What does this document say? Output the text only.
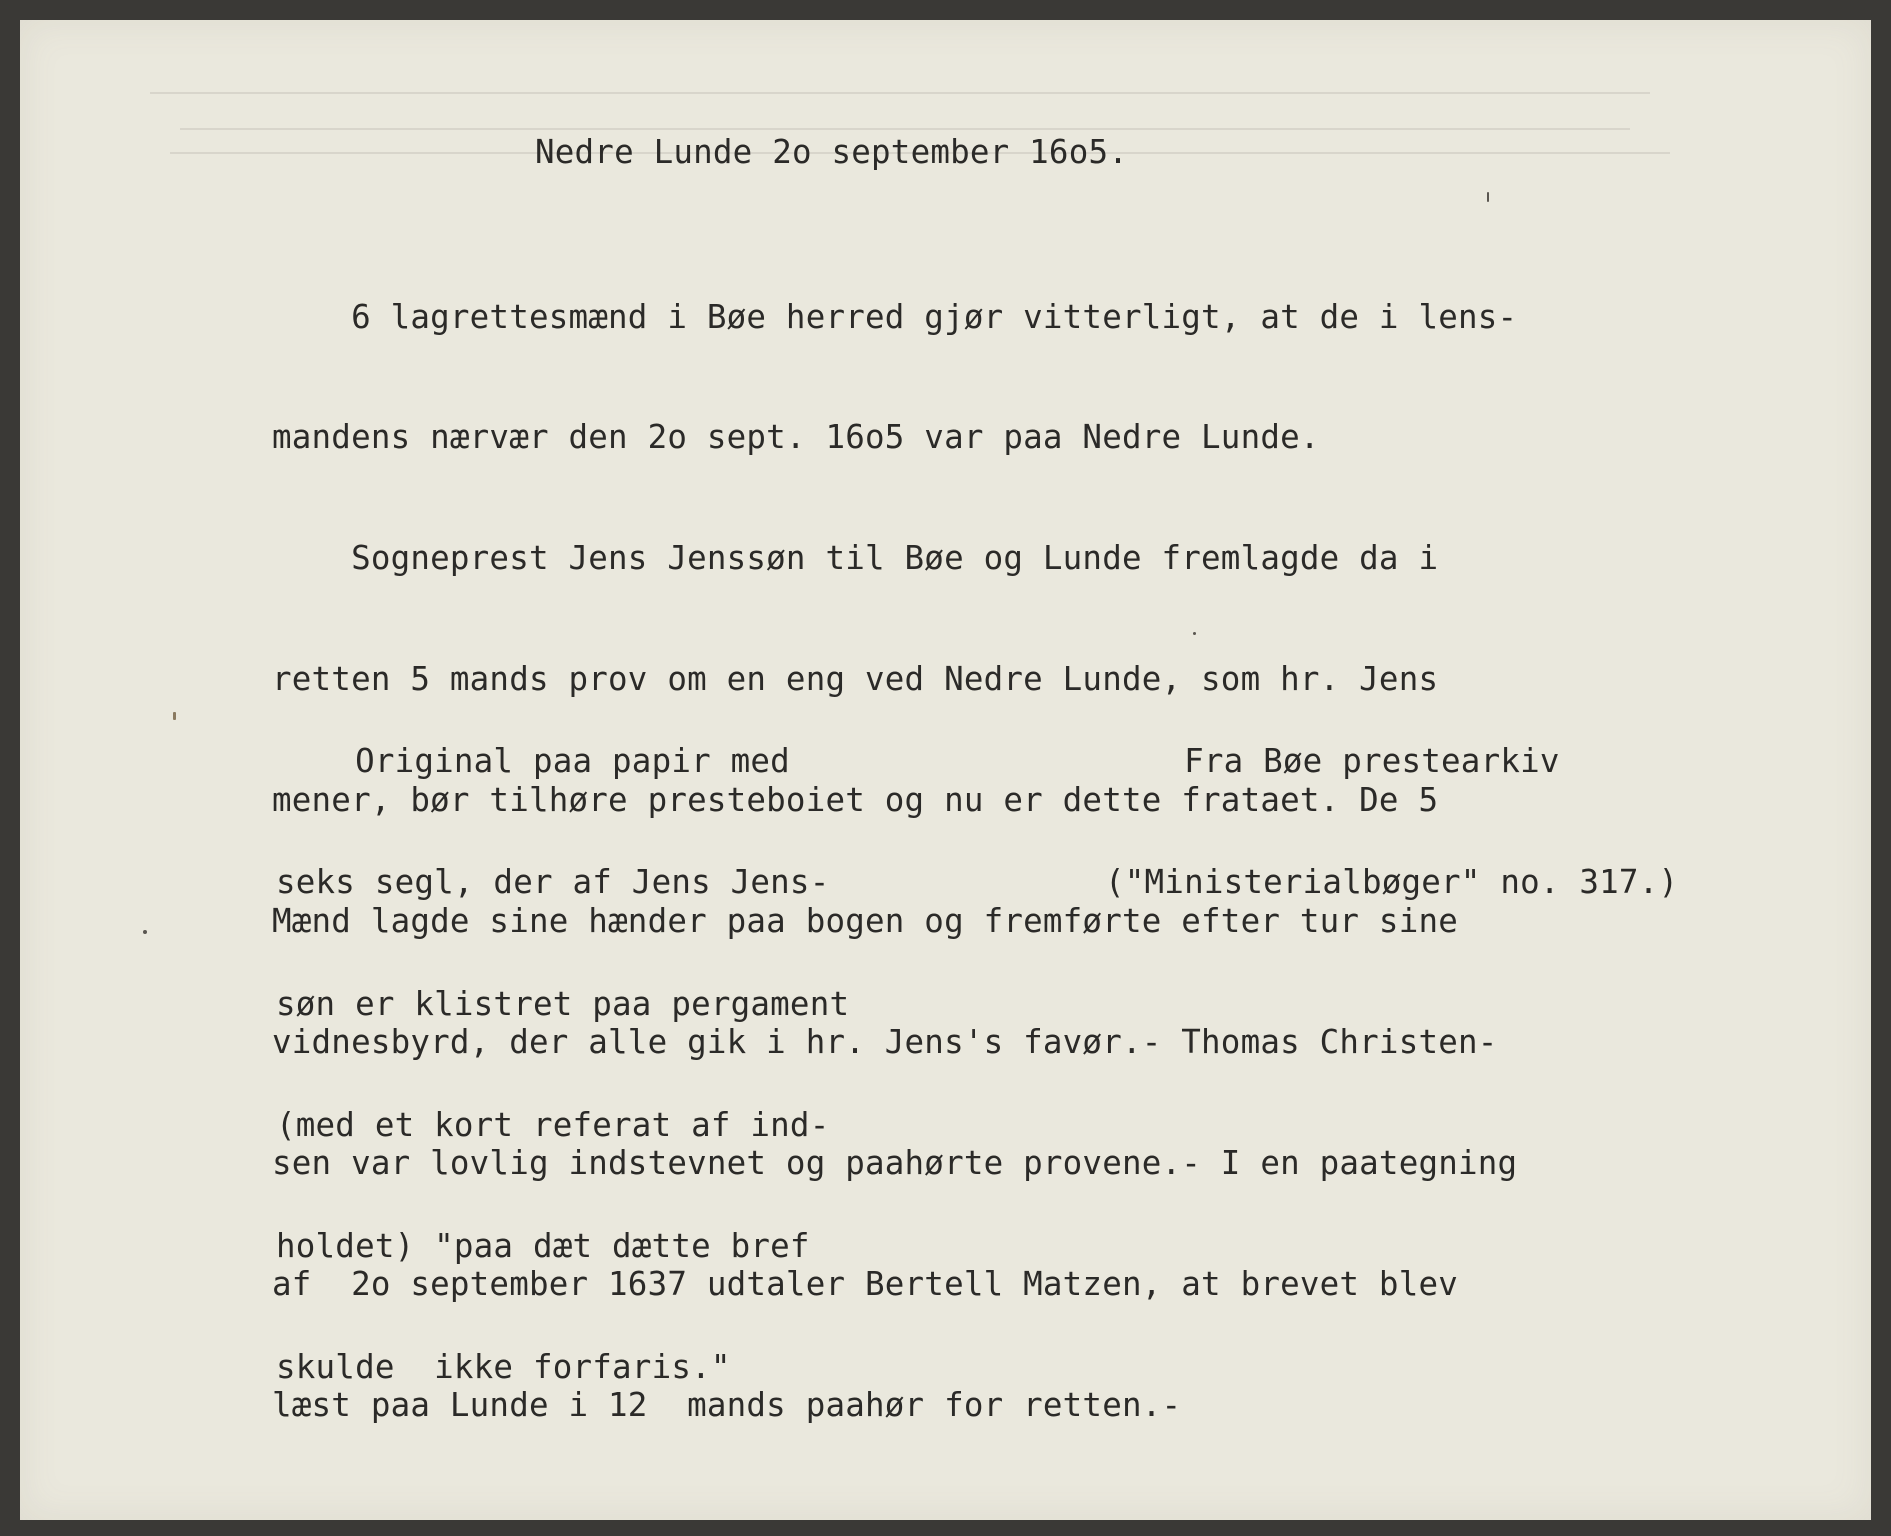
Nedre Lunde 2o september 16o5.

6 lagrettesmænd i Bøe herred gjør vitterligt, at de i lens-

mandens nærvær den 2o sept. 16o5 var paa Nedre Lunde.

Sogneprest Jens Jenssøn til Bøe og Lunde fremlagde da i

retten 5 mands prov om en eng ved Nedre Lunde, som hr. Jens

mener, bør tilhøre presteboiet og nu er dette frataet. De 5

Mænd lagde sine hænder paa bogen og fremførte efter tur sine

vidnesbyrd, der alle gik i hr. Jens's favør.- Thomas Christen-

sen var lovlig indstevnet og paahørte provene.- I en paategning

af  2o september 1637 udtaler Bertell Matzen, at brevet blev

læst paa Lunde i 12  mands paahør for retten.-

Original paa papir med

seks segl, der af Jens Jens-

søn er klistret paa pergament

(med et kort referat af ind-

holdet) "paa dæt dætte bref

skulde  ikke forfaris."

Fra Bøe prestearkiv

("Ministerialbøger" no. 317.)
